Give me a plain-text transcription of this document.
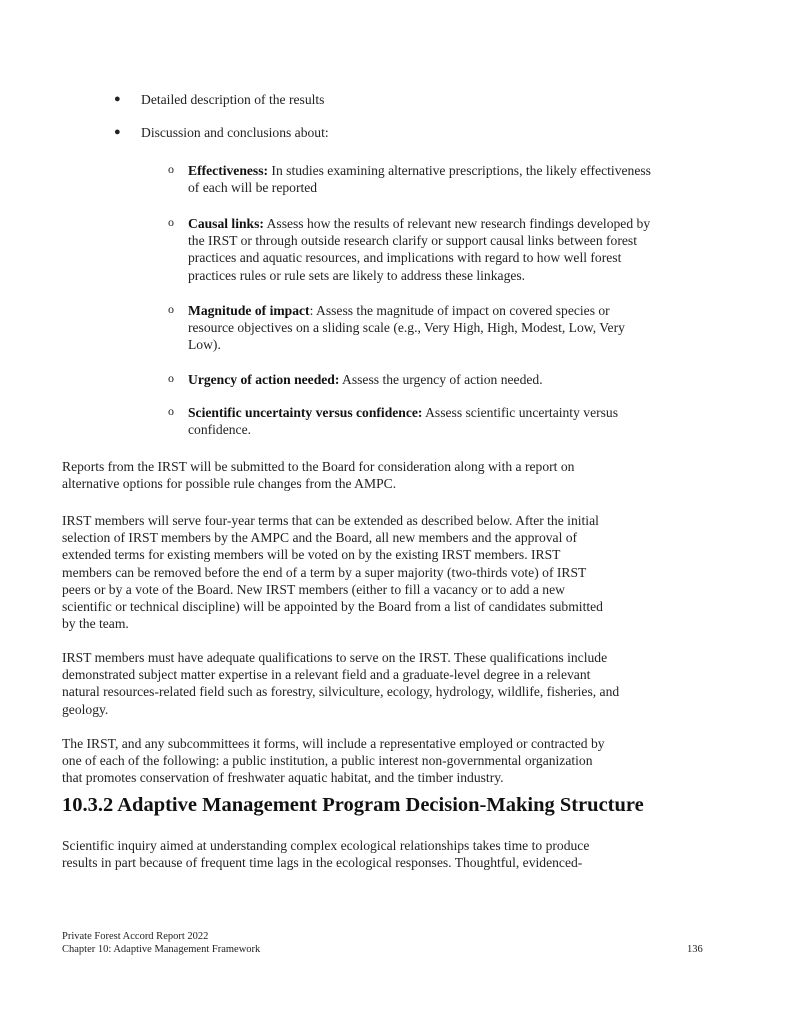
● Detailed description of the results
● Discussion and conclusions about:
o Effectiveness: In studies examining alternative prescriptions, the likely effectiveness
of each will be reported
o Causal links: Assess how the results of relevant new research findings developed by
the IRST or through outside research clarify or support causal links between forest
practices and aquatic resources, and implications with regard to how well forest
practices rules or rule sets are likely to address these linkages.
o Magnitude of impact: Assess the magnitude of impact on covered species or
resource objectives on a sliding scale (e.g., Very High, High, Modest, Low, Very
Low).
o Urgency of action needed: Assess the urgency of action needed.
o Scientific uncertainty versus confidence: Assess scientific uncertainty versus
confidence.
Reports from the IRST will be submitted to the Board for consideration along with a report on
alternative options for possible rule changes from the AMPC.
IRST members will serve four-year terms that can be extended as described below. After the initial
selection of IRST members by the AMPC and the Board, all new members and the approval of
extended terms for existing members will be voted on by the existing IRST members. IRST
members can be removed before the end of a term by a super majority (two-thirds vote) of IRST
peers or by a vote of the Board. New IRST members (either to fill a vacancy or to add a new
scientific or technical discipline) will be appointed by the Board from a list of candidates submitted
by the team.
IRST members must have adequate qualifications to serve on the IRST. These qualifications include
demonstrated subject matter expertise in a relevant field and a graduate-level degree in a relevant
natural resources-related field such as forestry, silviculture, ecology, hydrology, wildlife, fisheries, and
geology.
The IRST, and any subcommittees it forms, will include a representative employed or contracted by
one of each of the following: a public institution, a public interest non-governmental organization
that promotes conservation of freshwater aquatic habitat, and the timber industry.
10.3.2 Adaptive Management Program Decision-Making Structure
Scientific inquiry aimed at understanding complex ecological relationships takes time to produce
results in part because of frequent time lags in the ecological responses. Thoughtful, evidenced-
Private Forest Accord Report 2022
Chapter 10: Adaptive Management Framework	136
